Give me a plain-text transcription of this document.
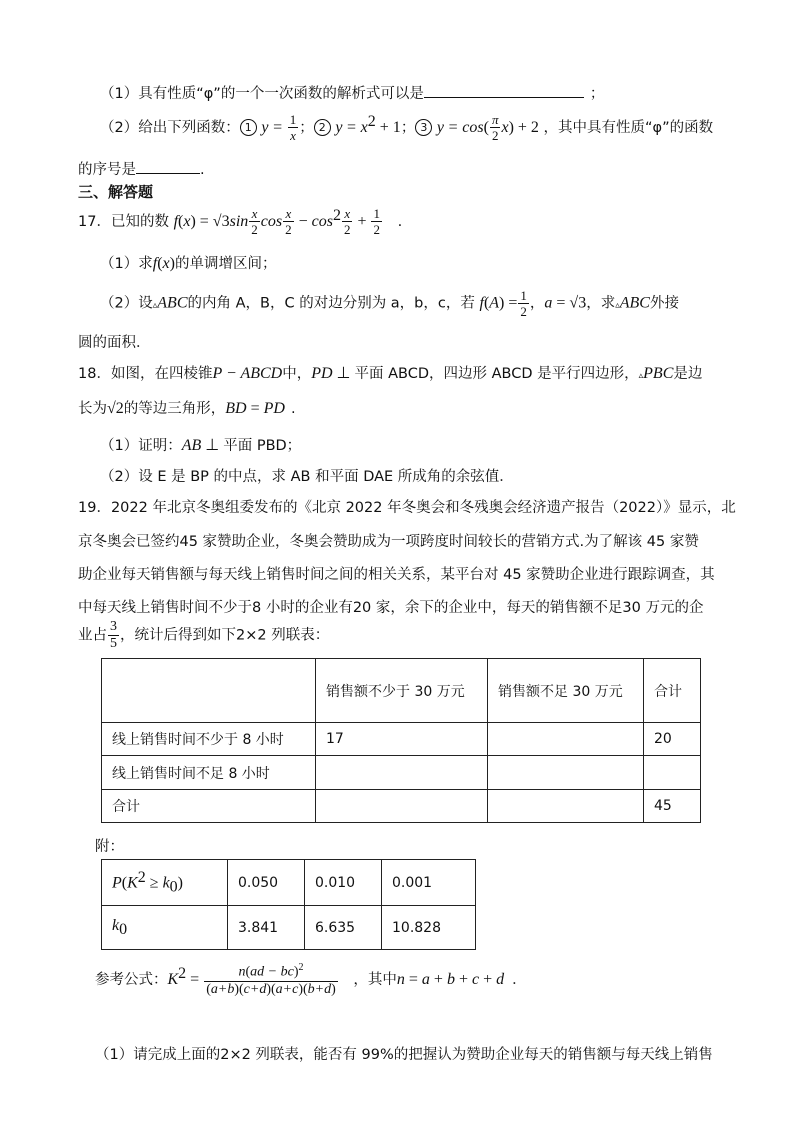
（1）具有性质“φ”的一个一次函数的解析式可以是	；
（2）给出下列函数： 1 $y = \frac{1}{x}$ ； 2 $y = x^2 + 1$； 3 $y = \cos( \frac{\pi}{2} x) + 2$ ，其中具有性质“φ”的函数
的序号是	.
三、解答题
17．已知的数 $f(x) = √3\sin \frac{x}{2}$ $\cos \frac{x}{2} - \cos^2 \frac{x}{2} + \frac{1}{2}$ .
（1）求f(x)的单调增区间；
（2）设▵ABC的内角 A，B，C 的对边分别为 a，b，c，若 $f(A) = \frac{1}{2}$ ，a = √3，求▵ABC外接
圆的面积．
18．如图，在四棱锥P − ABCD中，PD ⊥ 平面 ABCD，四边形 ABCD 是平行四边形，▵PBC是边
长为√2的等边三角形，BD = PD .
（1）证明：AB ⊥ 平面 PBD；
（2）设 E 是 BP 的中点，求 AB 和平面 DAE 所成角的余弦值．
19．2022 年北京冬奥组委发布的《北京 2022 年冬奥会和冬残奥会经济遗产报告（2022）》显示，北
京冬奥会已签约45 家赞助企业，冬奥会赞助成为一项跨度时间较长的营销方式.为了解该 45 家赞
助企业每天销售额与每天线上销售时间之间的相关关系，某平台对 45 家赞助企业进行跟踪调查，其
中每天线上销售时间不少于8 小时的企业有20 家，余下的企业中，每天的销售额不足30 万元的企
业占 $\frac{3}{5}$ ，统计后得到如下2×2 列联表：
	销售额不少于 30 万元	销售额不足 30 万元	合计
线上销售时间不少于 8 小时	17		20
线上销售时间不足 8 小时			
合计			45
附：
$P(K^2 \ge k_0)$	0.050	0.010	0.001
$k_0$	3.841	6.635	10.828
参考公式：$K^2 = \frac{n(ad - bc)^2}{(a+b)(c+d)(a+c)(b+d)}$ ，其中n = a + b + c + d ．
（1）请完成上面的2×2 列联表，能否有 99%的把握认为赞助企业每天的销售额与每天线上销售
